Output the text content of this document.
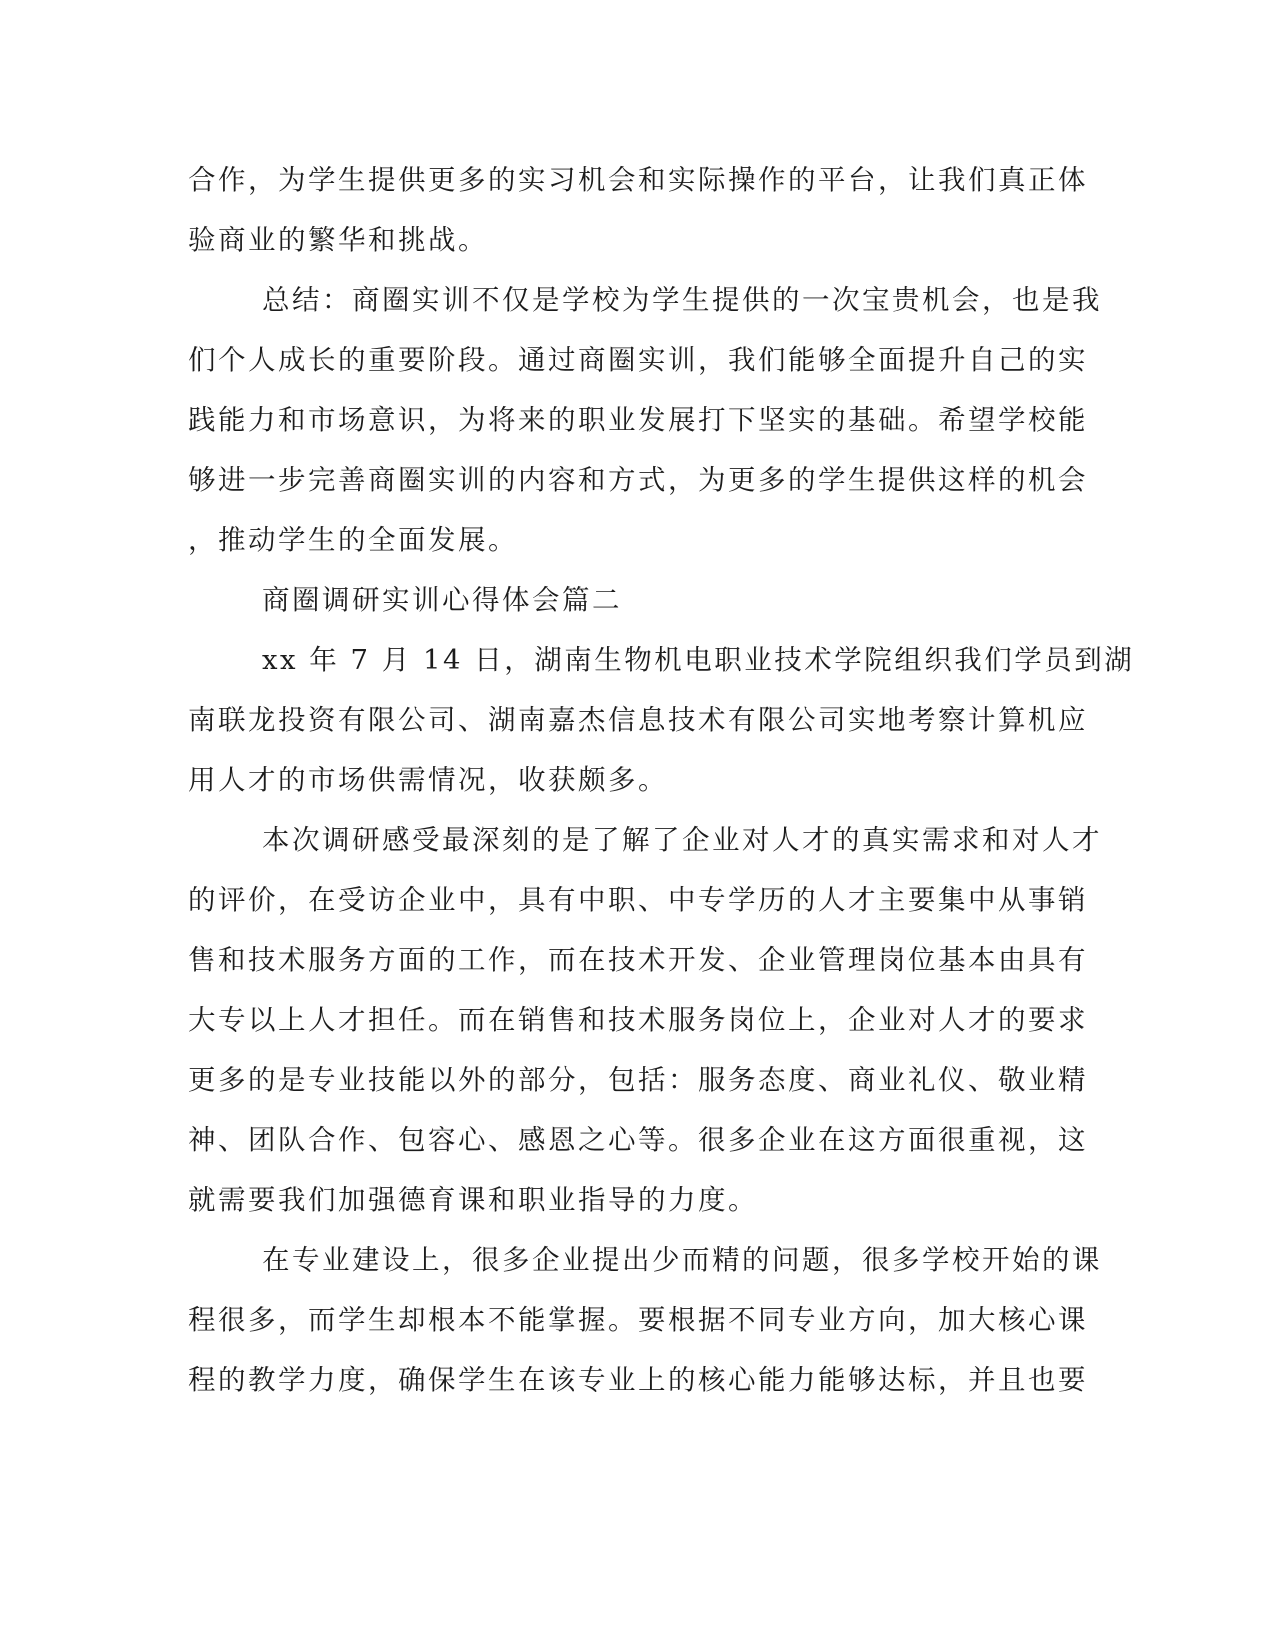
合作，为学生提供更多的实习机会和实际操作的平台，让我们真正体
验商业的繁华和挑战。
总结：商圈实训不仅是学校为学生提供的一次宝贵机会，也是我
们个人成长的重要阶段。通过商圈实训，我们能够全面提升自己的实
践能力和市场意识，为将来的职业发展打下坚实的基础。希望学校能
够进一步完善商圈实训的内容和方式，为更多的学生提供这样的机会
，推动学生的全面发展。
商圈调研实训心得体会篇二
xx 年 7 月 14 日，湖南生物机电职业技术学院组织我们学员到湖
南联龙投资有限公司、湖南嘉杰信息技术有限公司实地考察计算机应
用人才的市场供需情况，收获颇多。
本次调研感受最深刻的是了解了企业对人才的真实需求和对人才
的评价，在受访企业中，具有中职、中专学历的人才主要集中从事销
售和技术服务方面的工作，而在技术开发、企业管理岗位基本由具有
大专以上人才担任。而在销售和技术服务岗位上，企业对人才的要求
更多的是专业技能以外的部分，包括：服务态度、商业礼仪、敬业精
神、团队合作、包容心、感恩之心等。很多企业在这方面很重视，这
就需要我们加强德育课和职业指导的力度。
在专业建设上，很多企业提出少而精的问题，很多学校开始的课
程很多，而学生却根本不能掌握。要根据不同专业方向，加大核心课
程的教学力度，确保学生在该专业上的核心能力能够达标，并且也要
